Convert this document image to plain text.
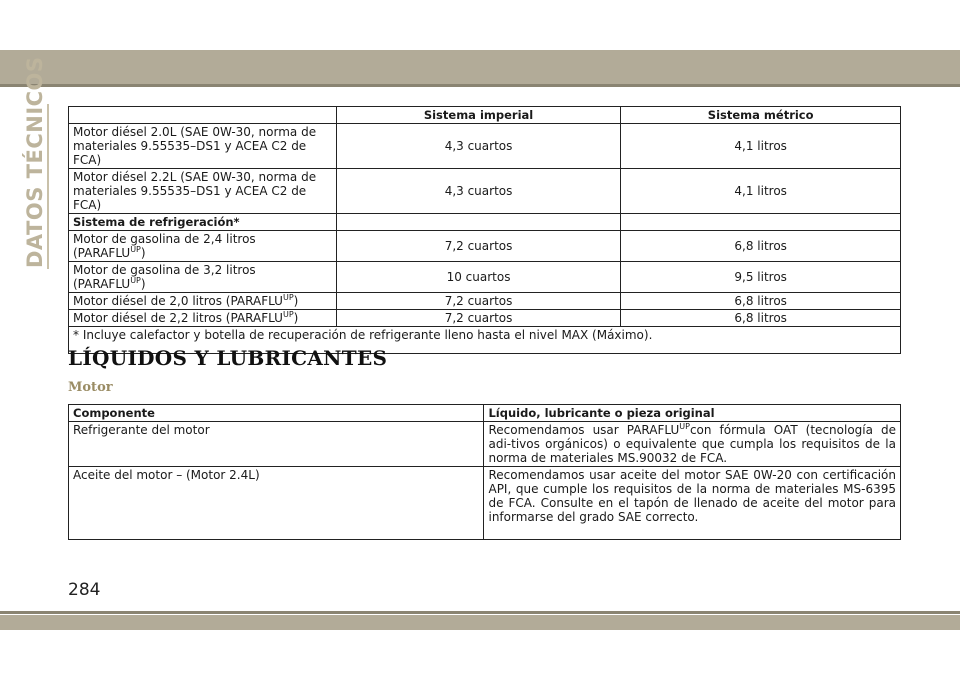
DATOS TÉCNICOS
		Sistema imperial	Sistema métrico
Motor diésel 2.0L (SAE 0W-30, norma de materiales 9.55535–DS1 y ACEA C2 de FCA)	4,3 cuartos	4,1 litros
Motor diésel 2.2L (SAE 0W-30, norma de materiales 9.55535–DS1 y ACEA C2 de FCA)	4,3 cuartos	4,1 litros
Sistema de refrigeración*		
Motor de gasolina de 2,4 litros $(PARAFLU^{UP})$	7,2 cuartos	6,8 litros
Motor de gasolina de 3,2 litros $(PARAFLU^{UP})$	10 cuartos	9,5 litros
Motor diésel de 2,0 litros $(PARAFLU^{UP})$	7,2 cuartos	6,8 litros
Motor diésel de 2,2 litros $(PARAFLU^{UP})$	7,2 cuartos	6,8 litros
* Incluye calefactor y botella de recuperación de refrigerante lleno hasta el nivel MAX (Máximo).		
LÍQUIDOS Y LUBRICANTES
Motor
Componente	Líquido, lubricante o pieza original
Refrigerante del motor	Recomendamos usar $PARAFLU^{UP}con$ fórmula OAT (tecnología de adi-tivos orgánicos) o equivalente que cumpla los requisitos de la norma de materiales MS.90032 de FCA.
Aceite del motor – (Motor 2.4L)	Recomendamos usar aceite del motor SAE 0W-20 con certificación API, que cumple los requisitos de la norma de materiales MS-6395 de FCA. Consulte en el tapón de llenado de aceite del motor para informarse del grado SAE correcto.
284
